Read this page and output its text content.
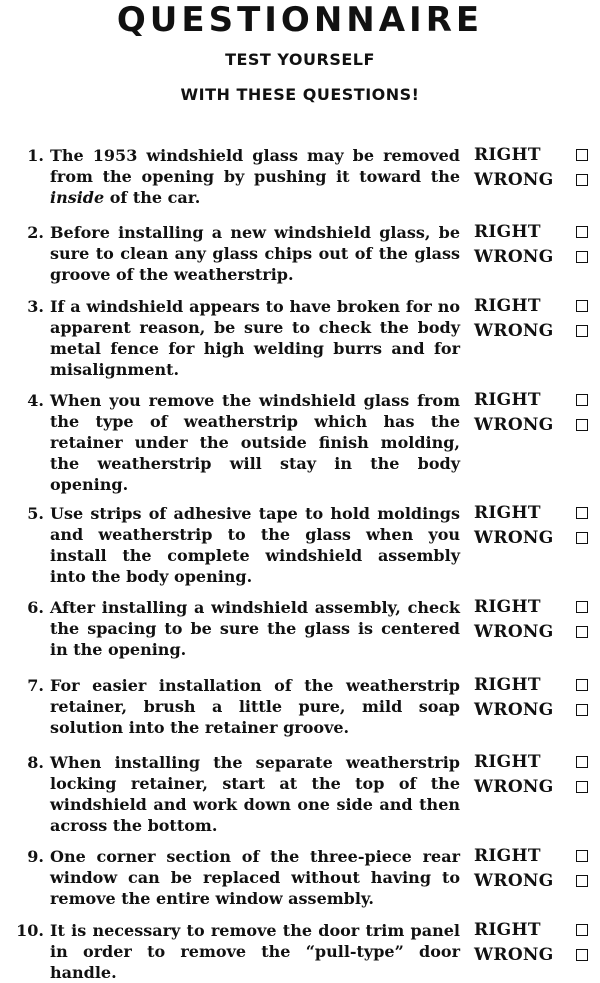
QUESTIONNAIRE
TEST YOURSELF
WITH THESE QUESTIONS!
1. The 1953 windshield glass may be removed from the opening by pushing it toward the inside of the car.
RIGHT
WRONG
2. Before installing a new windshield glass, be sure to clean any glass chips out of the glass groove of the weatherstrip.
RIGHT
WRONG
3. If a windshield appears to have broken for no apparent reason, be sure to check the body metal fence for high welding burrs and for misalignment.
RIGHT
WRONG
4. When you remove the windshield glass from the type of weatherstrip which has the retainer under the outside finish molding, the weatherstrip will stay in the body opening.
RIGHT
WRONG
5. Use strips of adhesive tape to hold moldings and weatherstrip to the glass when you install the complete windshield assembly into the body opening.
RIGHT
WRONG
6. After installing a windshield assembly, check the spacing to be sure the glass is centered in the opening.
RIGHT
WRONG
7. For easier installation of the weatherstrip retainer, brush a little pure, mild soap solution into the retainer groove.
RIGHT
WRONG
8. When installing the separate weatherstrip locking retainer, start at the top of the windshield and work down one side and then across the bottom.
RIGHT
WRONG
9. One corner section of the three-piece rear window can be replaced without having to remove the entire window assembly.
RIGHT
WRONG
10. It is necessary to remove the door trim panel in order to remove the “pull-type” door handle.
RIGHT
WRONG
